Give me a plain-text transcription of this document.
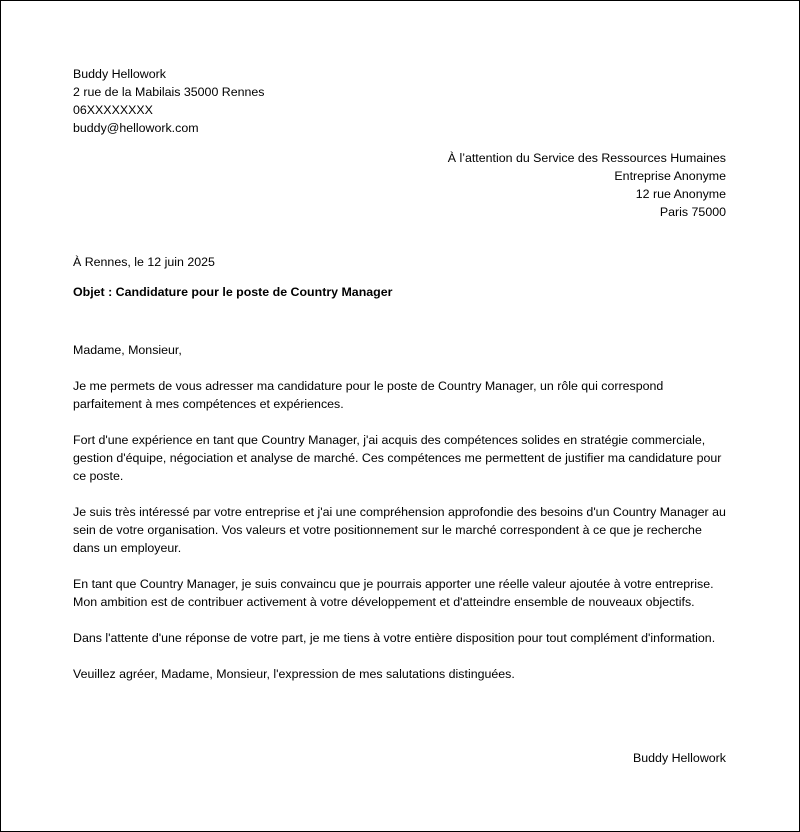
Buddy Hellowork
2 rue de la Mabilais 35000 Rennes
06XXXXXXXX
buddy@hellowork.com
À l’attention du Service des Ressources Humaines
Entreprise Anonyme
12 rue Anonyme
Paris 75000
À Rennes, le 12 juin 2025
Objet : Candidature pour le poste de Country Manager

Madame, Monsieur,

Je me permets de vous adresser ma candidature pour le poste de Country Manager, un rôle qui correspond parfaitement à mes compétences et expériences.

Fort d'une expérience en tant que Country Manager, j'ai acquis des compétences solides en stratégie commerciale, gestion d'équipe, négociation et analyse de marché. Ces compétences me permettent de justifier ma candidature pour ce poste.

Je suis très intéressé par votre entreprise et j'ai une compréhension approfondie des besoins d'un Country Manager au sein de votre organisation. Vos valeurs et votre positionnement sur le marché correspondent à ce que je recherche dans un employeur.

En tant que Country Manager, je suis convaincu que je pourrais apporter une réelle valeur ajoutée à votre entreprise. Mon ambition est de contribuer activement à votre développement et d'atteindre ensemble de nouveaux objectifs.

Dans l'attente d'une réponse de votre part, je me tiens à votre entière disposition pour tout complément d'information.

Veuillez agréer, Madame, Monsieur, l'expression de mes salutations distinguées.

Buddy Hellowork
